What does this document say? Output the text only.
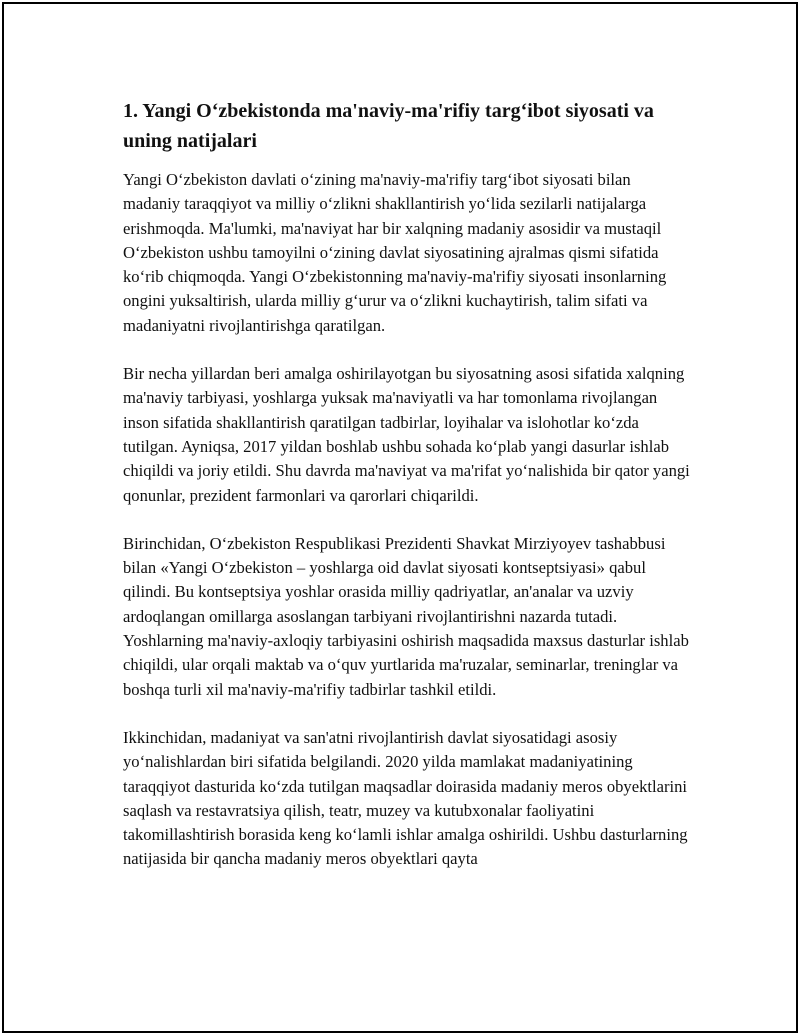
1. Yangi O‘zbekistonda ma'naviy-ma'rifiy targ‘ibot siyosati va uning natijalari

Yangi O‘zbekiston davlati o‘zining ma'naviy-ma'rifiy targ‘ibot siyosati bilan madaniy taraqqiyot va milliy o‘zlikni shakllantirish yo‘lida sezilarli natijalarga erishmoqda. Ma'lumki, ma'naviyat har bir xalqning madaniy asosidir va mustaqil O‘zbekiston ushbu tamoyilni o‘zining davlat siyosatining ajralmas qismi sifatida ko‘rib chiqmoqda. Yangi O‘zbekistonning ma'naviy-ma'rifiy siyosati insonlarning ongini yuksaltirish, ularda milliy g‘urur va o‘zlikni kuchaytirish, talim sifati va madaniyatni rivojlantirishga qaratilgan.

Bir necha yillardan beri amalga oshirilayotgan bu siyosatning asosi sifatida xalqning ma'naviy tarbiyasi, yoshlarga yuksak ma'naviyatli va har tomonlama rivojlangan inson sifatida shakllantirish qaratilgan tadbirlar, loyihalar va islohotlar ko‘zda tutilgan. Ayniqsa, 2017 yildan boshlab ushbu sohada ko‘plab yangi dasurlar ishlab chiqildi va joriy etildi. Shu davrda ma'naviyat va ma'rifat yo‘nalishida bir qator yangi qonunlar, prezident farmonlari va qarorlari chiqarildi.

Birinchidan, O‘zbekiston Respublikasi Prezidenti Shavkat Mirziyoyev tashabbusi bilan «Yangi O‘zbekiston – yoshlarga oid davlat siyosati kontseptsiyasi» qabul qilindi. Bu kontseptsiya yoshlar orasida milliy qadriyatlar, an'analar va uzviy ardoqlangan omillarga asoslangan tarbiyani rivojlantirishni nazarda tutadi. Yoshlarning ma'naviy-axloqiy tarbiyasini oshirish maqsadida maxsus dasturlar ishlab chiqildi, ular orqali maktab va o‘quv yurtlarida ma'ruzalar, seminarlar, treninglar va boshqa turli xil ma'naviy-ma'rifiy tadbirlar tashkil etildi.

Ikkinchidan, madaniyat va san'atni rivojlantirish davlat siyosatidagi asosiy yo‘nalishlardan biri sifatida belgilandi. 2020 yilda mamlakat madaniyatining taraqqiyot dasturida ko‘zda tutilgan maqsadlar doirasida madaniy meros obyektlarini saqlash va restavratsiya qilish, teatr, muzey va kutubxonalar faoliyatini takomillashtirish borasida keng ko‘lamli ishlar amalga oshirildi. Ushbu dasturlarning natijasida bir qancha madaniy meros obyektlari qayta
